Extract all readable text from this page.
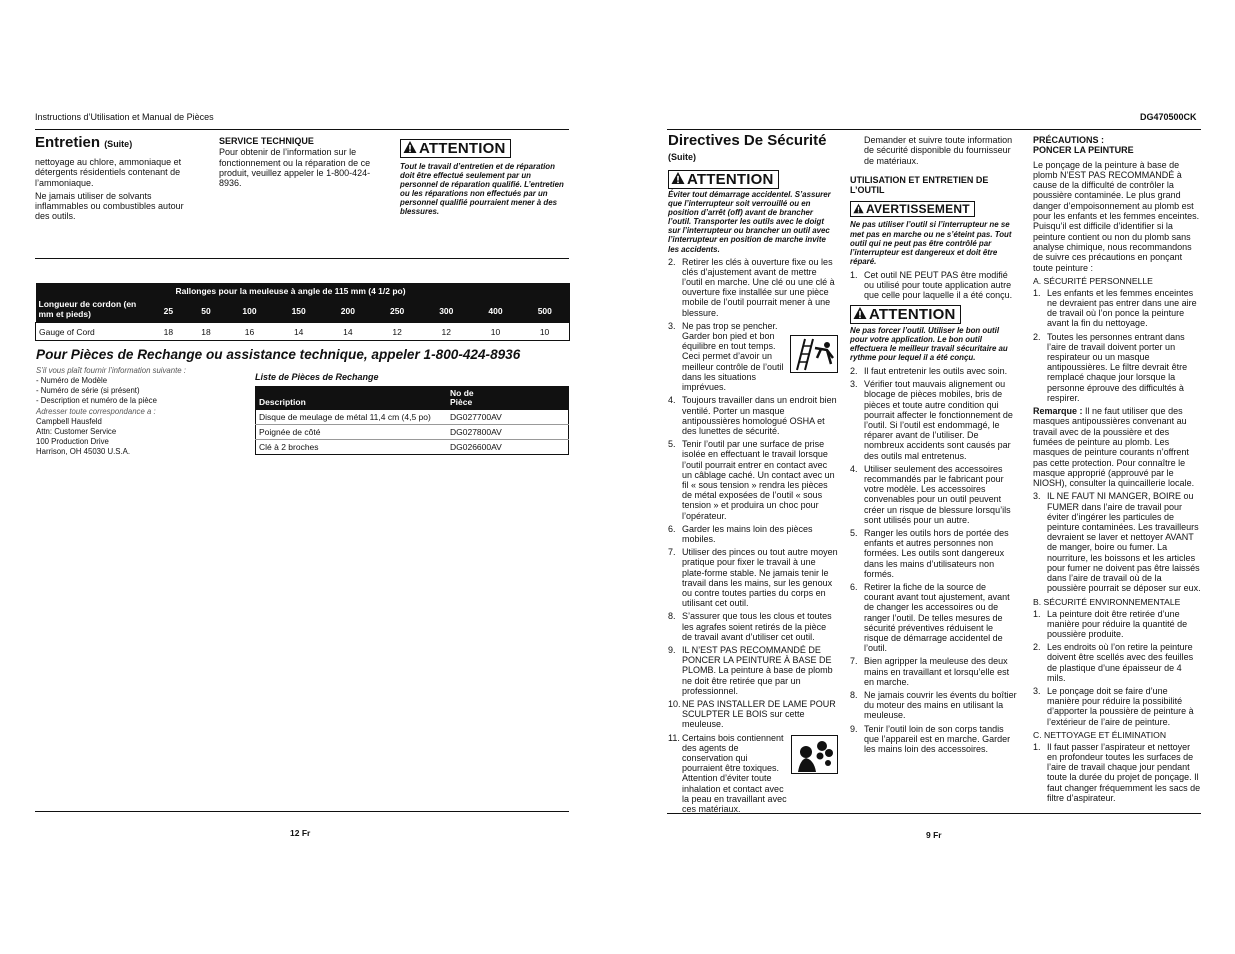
Instructions d’Utilisation et Manual de Pièces
Entretien (Suite)

nettoyage au chlore, ammoniaque et détergents résidentiels contenant de l’ammoniaque.

Ne jamais utiliser de solvants inflammables ou combustibles autour des outils.

SERVICE TECHNIQUE

Pour obtenir de l’information sur le fonctionnement ou la réparation de ce produit, veuillez appeler le 1-800-424-8936.

ATTENTION

Tout le travail d’entretien et de réparation doit être effectué seulement par un personnel de réparation qualifié. L’entretien ou les réparations non effectués par un personnel qualifié pourraient mener à des blessures.

	Rallonges pour la meuleuse à angle de 115 mm (4 1/2 po)								
Longueur de cordon (en mm et pieds)	25	50	100	150	200	250	300	400	500
Gauge of Cord	18	18	16	14	14	12	12	10	10
Pour Pièces de Rechange ou assistance technique, appeler 1-800-424-8936

S’il vous plaît fournir l’information suivante :

- Numéro de Modèle

- Numéro de série (si présent)

- Description et numéro de la pièce

Adresser toute correspondance a :

Campbell Hausfeld

Attn: Customer Service

100 Production Drive

Harrison, OH 45030 U.S.A.

Liste de Pièces de Rechange
Description	No de
Pièce
Disque de meulage de métal 11,4 cm (4,5 po)	DG027700AV
Poignée de côté	DG027800AV
Clé à 2 broches	DG026600AV
12 Fr
DG470500CK
Directives De Sécurité
(Suite)
ATTENTION

Éviter tout démarrage accidentel. S’assurer que l’interrupteur soit verrouillé ou en position d’arrêt (off) avant de brancher l’outil. Transporter les outils avec le doigt sur l’interrupteur ou brancher un outil avec l’interrupteur en position de marche invite les accidents.

2. Retirer les clés à ouverture fixe ou les clés d’ajustement avant de mettre l’outil en marche. Une clé ou une clé à ouverture fixe installée sur une pièce mobile de l’outil pourrait mener à une blessure.
3. Ne pas trop se pencher. Garder bon pied et bon équilibre en tout temps. Ceci permet d’avoir un meilleur contrôle de l’outil dans les situations imprévues.
4. Toujours travailler dans un endroit bien ventilé. Porter un masque antipoussières homologué OSHA et des lunettes de sécurité.
5. Tenir l’outil par une surface de prise isolée en effectuant le travail lorsque l’outil pourrait entrer en contact avec un câblage caché. Un contact avec un fil « sous tension » rendra les pièces de métal exposées de l’outil « sous tension » et produira un choc pour l’opérateur.
6. Garder les mains loin des pièces mobiles.
7. Utiliser des pinces ou tout autre moyen pratique pour fixer le travail à une plate-forme stable. Ne jamais tenir le travail dans les mains, sur les genoux ou contre toutes parties du corps en utilisant cet outil.
8. S’assurer que tous les clous et toutes les agrafes soient retirés de la pièce de travail avant d’utiliser cet outil.
9. IL N’EST PAS RECOMMANDÉ DE PONCER LA PEINTURE À BASE DE PLOMB. La peinture à base de plomb ne doit être retirée que par un professionnel.
10. NE PAS INSTALLER DE LAME POUR SCULPTER LE BOIS sur cette meuleuse.
11. Certains bois contiennent des agents de conservation qui pourraient être toxiques. Attention d’éviter toute inhalation et contact avec la peau en travaillant avec ces matériaux.

Demander et suivre toute information de sécurité disponible du fournisseur de matériaux.

UTILISATION ET ENTRETIEN DE L’OUTIL

AVERTISSEMENT

Ne pas utiliser l’outil si l’interrupteur ne se met pas en marche ou ne s’éteint pas. Tout outil qui ne peut pas être contrôlé par l’interrupteur est dangereux et doit être réparé.

1. Cet outil NE PEUT PAS être modifié ou utilisé pour toute application autre que celle pour laquelle il a été conçu.
ATTENTION

Ne pas forcer l’outil. Utiliser le bon outil pour votre application. Le bon outil effectuera le meilleur travail sécuritaire au rythme pour lequel il a été conçu.

2. Il faut entretenir les outils avec soin.
3. Vérifier tout mauvais alignement ou blocage de pièces mobiles, bris de pièces et toute autre condition qui pourrait affecter le fonctionnement de l’outil. Si l’outil est endommagé, le réparer avant de l’utiliser. De nombreux accidents sont causés par des outils mal entretenus.
4. Utiliser seulement des accessoires recommandés par le fabricant pour votre modèle. Les accessoires convenables pour un outil peuvent créer un risque de blessure lorsqu’ils sont utilisés pour un autre.
5. Ranger les outils hors de portée des enfants et autres personnes non formées. Les outils sont dangereux dans les mains d’utilisateurs non formés.
6. Retirer la fiche de la source de courant avant tout ajustement, avant de changer les accessoires ou de ranger l’outil. De telles mesures de sécurité préventives réduisent le risque de démarrage accidentel de l’outil.
7. Bien agripper la meuleuse des deux mains en travaillant et lorsqu’elle est en marche.
8. Ne jamais couvrir les évents du boîtier du moteur des mains en utilisant la meuleuse.
9. Tenir l’outil loin de son corps tandis que l’appareil est en marche. Garder les mains loin des accessoires.

PRÉCAUTIONS :

PONCER LA PEINTURE

Le ponçage de la peinture à base de plomb N’EST PAS RECOMMANDÉ à cause de la difficulté de contrôler la poussière contaminée. Le plus grand danger d’empoisonnement au plomb est pour les enfants et les femmes enceintes. Puisqu’il est difficile d’identifier si la peinture contient ou non du plomb sans analyse chimique, nous recommandons de suivre ces précautions en ponçant toute peinture :

A. SÉCURITÉ PERSONNELLE

1. Les enfants et les femmes enceintes ne devraient pas entrer dans une aire de travail où l’on ponce la peinture avant la fin du nettoyage.
2. Toutes les personnes entrant dans l’aire de travail doivent porter un respirateur ou un masque antipoussières. Le filtre devrait être remplacé chaque jour lorsque la personne éprouve des difficultés à respirer.

Remarque : Il ne faut utiliser que des masques antipoussières convenant au travail avec de la poussière et des fumées de peinture au plomb. Les masques de peinture courants n’offrent pas cette protection. Pour connaître le masque approprié (approuvé par le NIOSH), consulter la quincaillerie locale.

3. IL NE FAUT NI MANGER, BOIRE ou FUMER dans l’aire de travail pour éviter d’ingérer les particules de peinture contaminées. Les travailleurs devraient se laver et nettoyer AVANT de manger, boire ou fumer. La nourriture, les boissons et les articles pour fumer ne doivent pas être laissés dans l’aire de travail où de la poussière pourrait se déposer sur eux.

B. SÉCURITÉ ENVIRONNEMENTALE

1. La peinture doit être retirée d’une manière pour réduire la quantité de poussière produite.
2. Les endroits où l’on retire la peinture doivent être scellés avec des feuilles de plastique d’une épaisseur de 4 mils.
3. Le ponçage doit se faire d’une manière pour réduire la possibilité d’apporter la poussière de peinture à l’extérieur de l’aire de peinture.

C. NETTOYAGE ET ÉLIMINATION

1. Il faut passer l’aspirateur et nettoyer en profondeur toutes les surfaces de l’aire de travail chaque jour pendant toute la durée du projet de ponçage. Il faut changer fréquemment les sacs de filtre d’aspirateur.
9 Fr
